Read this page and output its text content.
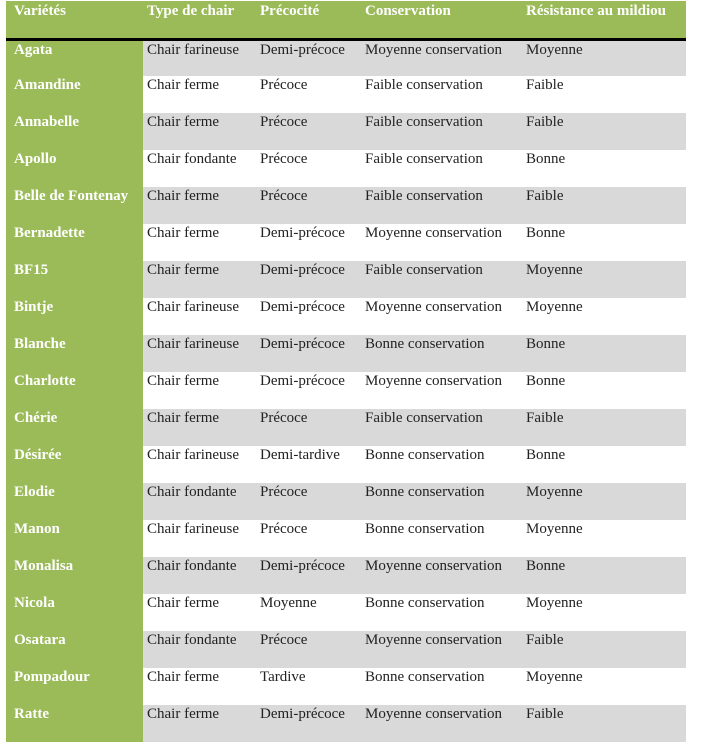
Variétés	Type de chair	Précocité	Conservation	Résistance au mildiou
Agata	Chair farineuse	Demi-précoce	Moyenne conservation	Moyenne
Amandine	Chair ferme	Précoce	Faible conservation	Faible
Annabelle	Chair ferme	Précoce	Faible conservation	Faible
Apollo	Chair fondante	Précoce	Faible conservation	Bonne
Belle de Fontenay	Chair ferme	Précoce	Faible conservation	Faible
Bernadette	Chair ferme	Demi-précoce	Moyenne conservation	Bonne
BF15	Chair ferme	Demi-précoce	Faible conservation	Moyenne
Bintje	Chair farineuse	Demi-précoce	Moyenne conservation	Moyenne
Blanche	Chair farineuse	Demi-précoce	Bonne conservation	Bonne
Charlotte	Chair ferme	Demi-précoce	Moyenne conservation	Bonne
Chérie	Chair ferme	Précoce	Faible conservation	Faible
Désirée	Chair farineuse	Demi-tardive	Bonne conservation	Bonne
Elodie	Chair fondante	Précoce	Bonne conservation	Moyenne
Manon	Chair farineuse	Précoce	Bonne conservation	Moyenne
Monalisa	Chair fondante	Demi-précoce	Moyenne conservation	Bonne
Nicola	Chair ferme	Moyenne	Bonne conservation	Moyenne
Osatara	Chair fondante	Précoce	Moyenne conservation	Faible
Pompadour	Chair ferme	Tardive	Bonne conservation	Moyenne
Ratte	Chair ferme	Demi-précoce	Moyenne conservation	Faible
